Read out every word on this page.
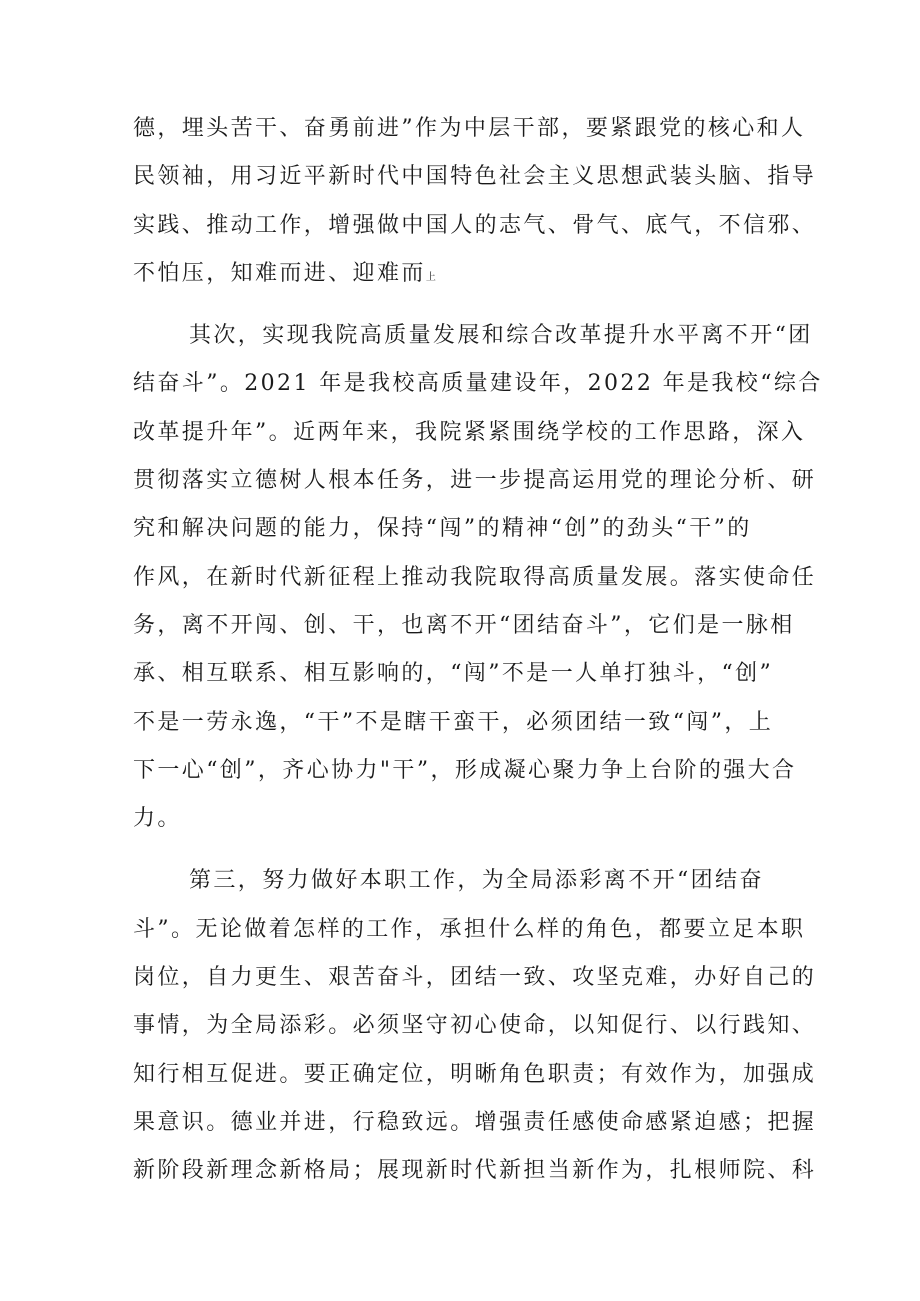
德，埋头苦干、奋勇前进”作为中层干部，要紧跟党的核心和人
民领袖，用习近平新时代中国特色社会主义思想武装头脑、指导
实践、推动工作，增强做中国人的志气、骨气、底气，不信邪、
不怕压，知难而进、迎难而上
其次，实现我院高质量发展和综合改革提升水平离不开“团
结奋斗”。2021 年是我校高质量建设年，2022 年是我校“综合
改革提升年”。近两年来，我院紧紧围绕学校的工作思路，深入
贯彻落实立德树人根本任务，进一步提高运用党的理论分析、研
究和解决问题的能力，保持“闯”的精神“创”的劲头“干”的
作风，在新时代新征程上推动我院取得高质量发展。落实使命任
务，离不开闯、创、干，也离不开“团结奋斗”，它们是一脉相
承、相互联系、相互影响的，“闯”不是一人单打独斗，“创”
不是一劳永逸，“干”不是瞎干蛮干，必须团结一致“闯”，上
下一心“创”，齐心协力"干”，形成凝心聚力争上台阶的强大合
力。
第三，努力做好本职工作，为全局添彩离不开“团结奋
斗”。无论做着怎样的工作，承担什么样的角色，都要立足本职
岗位，自力更生、艰苦奋斗，团结一致、攻坚克难，办好自己的
事情，为全局添彩。必须坚守初心使命，以知促行、以行践知、
知行相互促进。要正确定位，明晰角色职责；有效作为，加强成
果意识。德业并进，行稳致远。增强责任感使命感紧迫感；把握
新阶段新理念新格局；展现新时代新担当新作为，扎根师院、科
